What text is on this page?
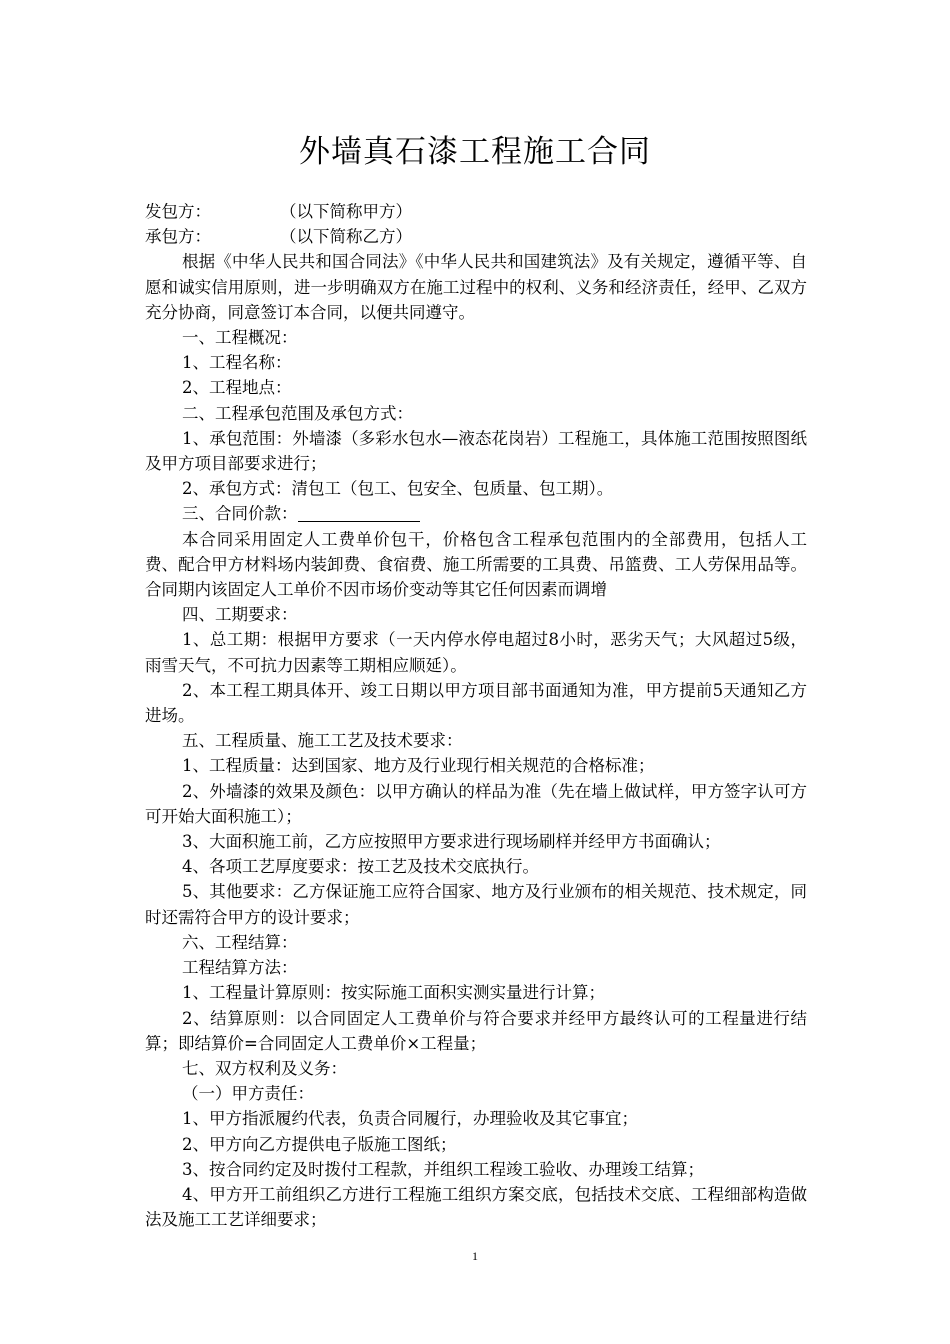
外墙真石漆工程施工合同
发包方：	（以下简称甲方）
承包方：	（以下简称乙方）

根据《中华人民共和国合同法》《中华人民共和国建筑法》及有关规定，遵循平等、自愿和诚实信用原则，进一步明确双方在施工过程中的权利、义务和经济责任，经甲、乙双方充分协商，同意签订本合同，以便共同遵守。

一、工程概况：

1、工程名称：

2、工程地点：

二、工程承包范围及承包方式：

1、承包范围：外墙漆（多彩水包水—液态花岗岩）工程施工，具体施工范围按照图纸及甲方项目部要求进行；

2、承包方式：清包工（包工、包安全、包质量、包工期）。

三、合同价款：

本合同采用固定人工费单价包干，价格包含工程承包范围内的全部费用，包括人工费、配合甲方材料场内装卸费、食宿费、施工所需要的工具费、吊篮费、工人劳保用品等。合同期内该固定人工单价不因市场价变动等其它任何因素而调增

四、工期要求：

1、总工期：根据甲方要求（一天内停水停电超过8小时，恶劣天气；大风超过5级，雨雪天气，不可抗力因素等工期相应顺延）。

2、本工程工期具体开、竣工日期以甲方项目部书面通知为准，甲方提前5天通知乙方进场。

五、工程质量、施工工艺及技术要求：

1、工程质量：达到国家、地方及行业现行相关规范的合格标准；

2、外墙漆的效果及颜色：以甲方确认的样品为准（先在墙上做试样，甲方签字认可方可开始大面积施工）；

3、大面积施工前，乙方应按照甲方要求进行现场刷样并经甲方书面确认；

4、各项工艺厚度要求：按工艺及技术交底执行。

5、其他要求：乙方保证施工应符合国家、地方及行业颁布的相关规范、技术规定，同时还需符合甲方的设计要求；

六、工程结算：

工程结算方法：

1、工程量计算原则：按实际施工面积实测实量进行计算；

2、结算原则：以合同固定人工费单价与符合要求并经甲方最终认可的工程量进行结算；即结算价=合同固定人工费单价×工程量；

七、双方权利及义务：

（一）甲方责任：

1、甲方指派履约代表，负责合同履行，办理验收及其它事宜；

2、甲方向乙方提供电子版施工图纸；

3、按合同约定及时拨付工程款，并组织工程竣工验收、办理竣工结算；

4、甲方开工前组织乙方进行工程施工组织方案交底，包括技术交底、工程细部构造做法及施工工艺详细要求；

1
